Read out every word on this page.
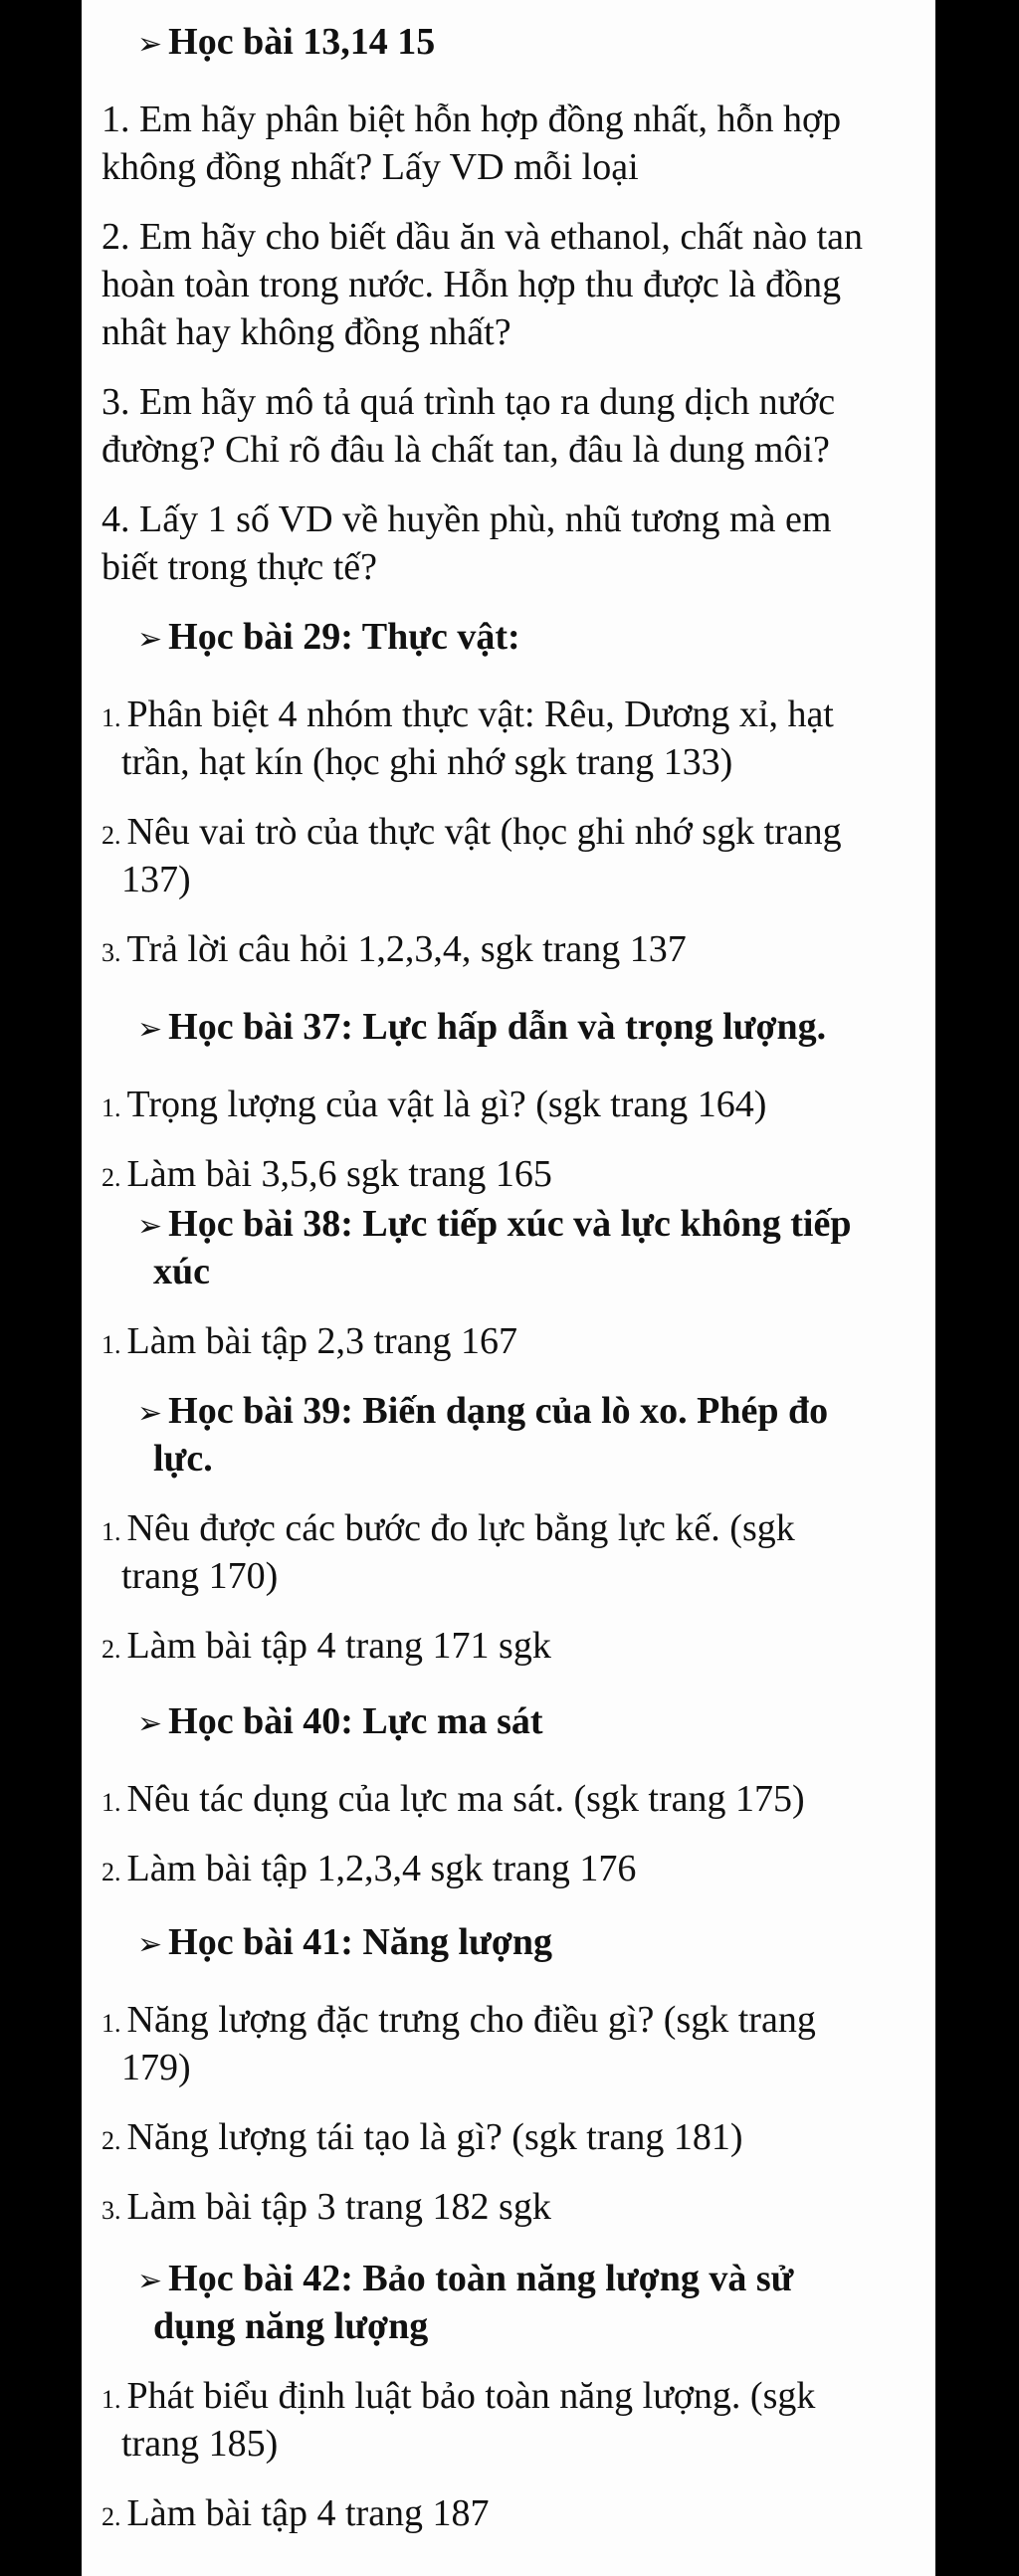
➢ Học bài 13,14 15
1. Em hãy phân biệt hỗn hợp đồng nhất, hỗn hợp
không đồng nhất? Lấy VD mỗi loại
2. Em hãy cho biết dầu ăn và ethanol, chất nào tan
hoàn toàn trong nước. Hỗn hợp thu được là đồng
nhât hay không đồng nhất?
3. Em hãy mô tả quá trình tạo ra dung dịch nước
đường? Chỉ rõ đâu là chất tan, đâu là dung môi?
4. Lấy 1 số VD về huyền phù, nhũ tương mà em
biết trong thực tế?
➢ Học bài 29: Thực vật:
1. Phân biệt 4 nhóm thực vật: Rêu, Dương xỉ, hạt
trần, hạt kín (học ghi nhớ sgk trang 133)
2. Nêu vai trò của thực vật (học ghi nhớ sgk trang
137)
3. Trả lời câu hỏi 1,2,3,4, sgk trang 137
➢ Học bài 37: Lực hấp dẫn và trọng lượng.
1. Trọng lượng của vật là gì? (sgk trang 164)
2. Làm bài 3,5,6 sgk trang 165
➢ Học bài 38: Lực tiếp xúc và lực không tiếp
xúc
1. Làm bài tập 2,3 trang 167
➢ Học bài 39: Biến dạng của lò xo. Phép đo
lực.
1. Nêu được các bước đo lực bằng lực kế. (sgk
trang 170)
2. Làm bài tập 4 trang 171 sgk
➢ Học bài 40: Lực ma sát
1. Nêu tác dụng của lực ma sát. (sgk trang 175)
2. Làm bài tập 1,2,3,4 sgk trang 176
➢ Học bài 41: Năng lượng
1. Năng lượng đặc trưng cho điều gì? (sgk trang
179)
2. Năng lượng tái tạo là gì? (sgk trang 181)
3. Làm bài tập 3 trang 182 sgk
➢ Học bài 42: Bảo toàn năng lượng và sử
dụng năng lượng
1. Phát biểu định luật bảo toàn năng lượng. (sgk
trang 185)
2. Làm bài tập 4 trang 187
